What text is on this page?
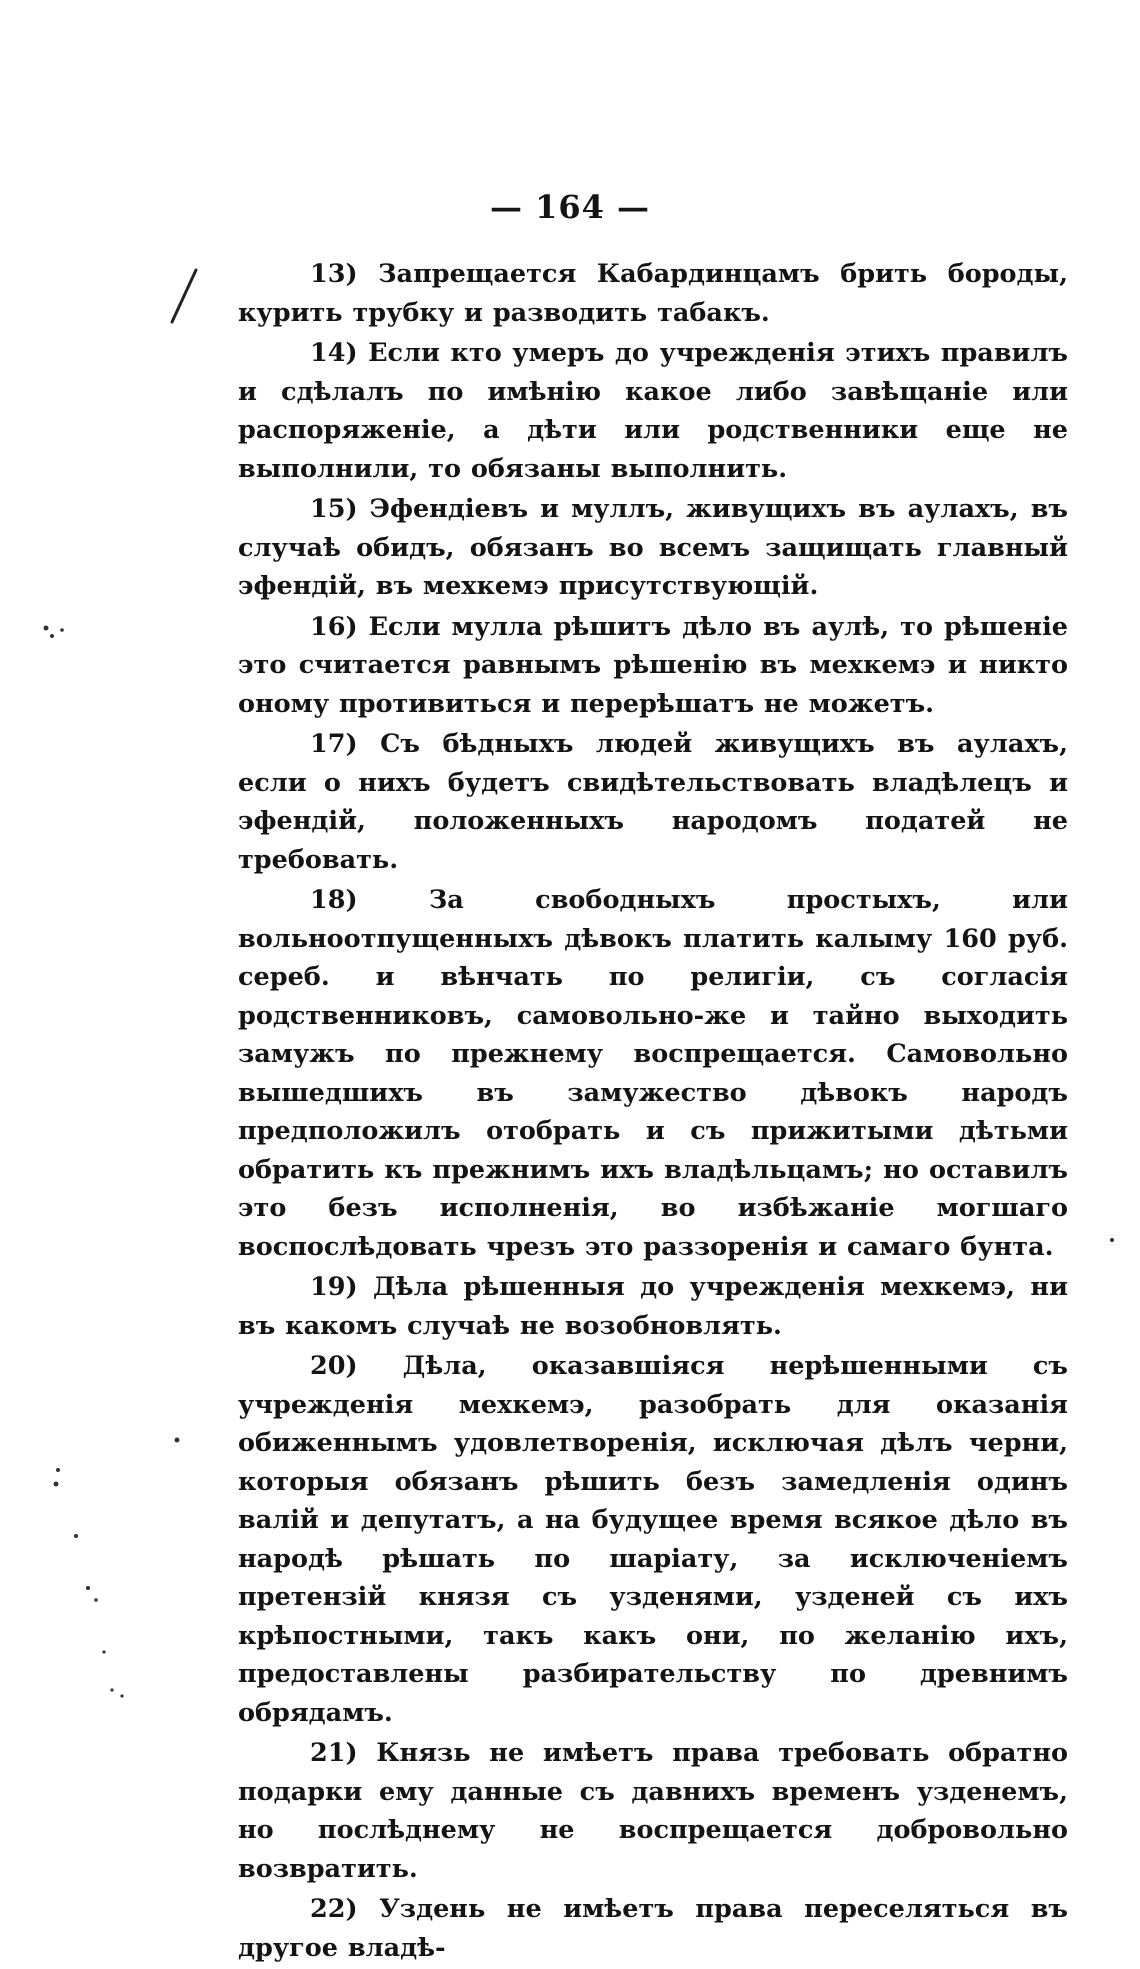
— 164 —

13) Запрещается Кабардинцамъ брить бороды, курить трубку и разводить табакъ.

14) Если кто умеръ до учрежденія этихъ правилъ и сдѣлалъ по имѣнію какое либо завѣщаніе или распоряженіе, а дѣти или родственники еще не выполнили, то обязаны выполнить.

15) Эфендіевъ и муллъ, живущихъ въ аулахъ, въ случаѣ обидъ, обязанъ во всемъ защищать главный эфендій, въ мехкемэ присутствующій.

16) Если мулла рѣшитъ дѣло въ аулѣ, то рѣшеніе это считается равнымъ рѣшенію въ мехкемэ и никто оному противиться и перерѣшатъ не можетъ.

17) Съ бѣдныхъ людей живущихъ въ аулахъ, если о нихъ будетъ свидѣтельствовать владѣлецъ и эфендій, положенныхъ народомъ податей не требовать.

18) За свободныхъ простыхъ, или вольноотпущенныхъ дѣвокъ платить калыму 160 руб. сереб. и вѣнчать по религіи, съ согласія родственниковъ, самовольно-же и тайно выходить замужъ по прежнему воспрещается. Самовольно вышедшихъ въ замужество дѣвокъ народъ предположилъ отобрать и съ прижитыми дѣтьми обратить къ прежнимъ ихъ владѣльцамъ; но оставилъ это безъ исполненія, во избѣжаніе могшаго воспослѣдовать чрезъ это раззоренія и самаго бунта.

19) Дѣла рѣшенныя до учрежденія мехкемэ, ни въ какомъ случаѣ не возобновлять.

20) Дѣла, оказавшіяся нерѣшенными съ учрежденія мехкемэ, разобрать для оказанія обиженнымъ удовлетворенія, исключая дѣлъ черни, которыя обязанъ рѣшить безъ замедленія одинъ валій и депутатъ, а на будущее время всякое дѣло въ народѣ рѣшать по шаріату, за исключеніемъ претензій князя съ узденями, узденей съ ихъ крѣпостными, такъ какъ они, по желанію ихъ, предоставлены разбирательству по древнимъ обрядамъ.

21) Князь не имѣетъ права требовать обратно подарки ему данные съ давнихъ временъ узденемъ, но послѣднему не воспрещается добровольно возвратить.

22) Уздень не имѣетъ права переселяться въ другое владѣ-
